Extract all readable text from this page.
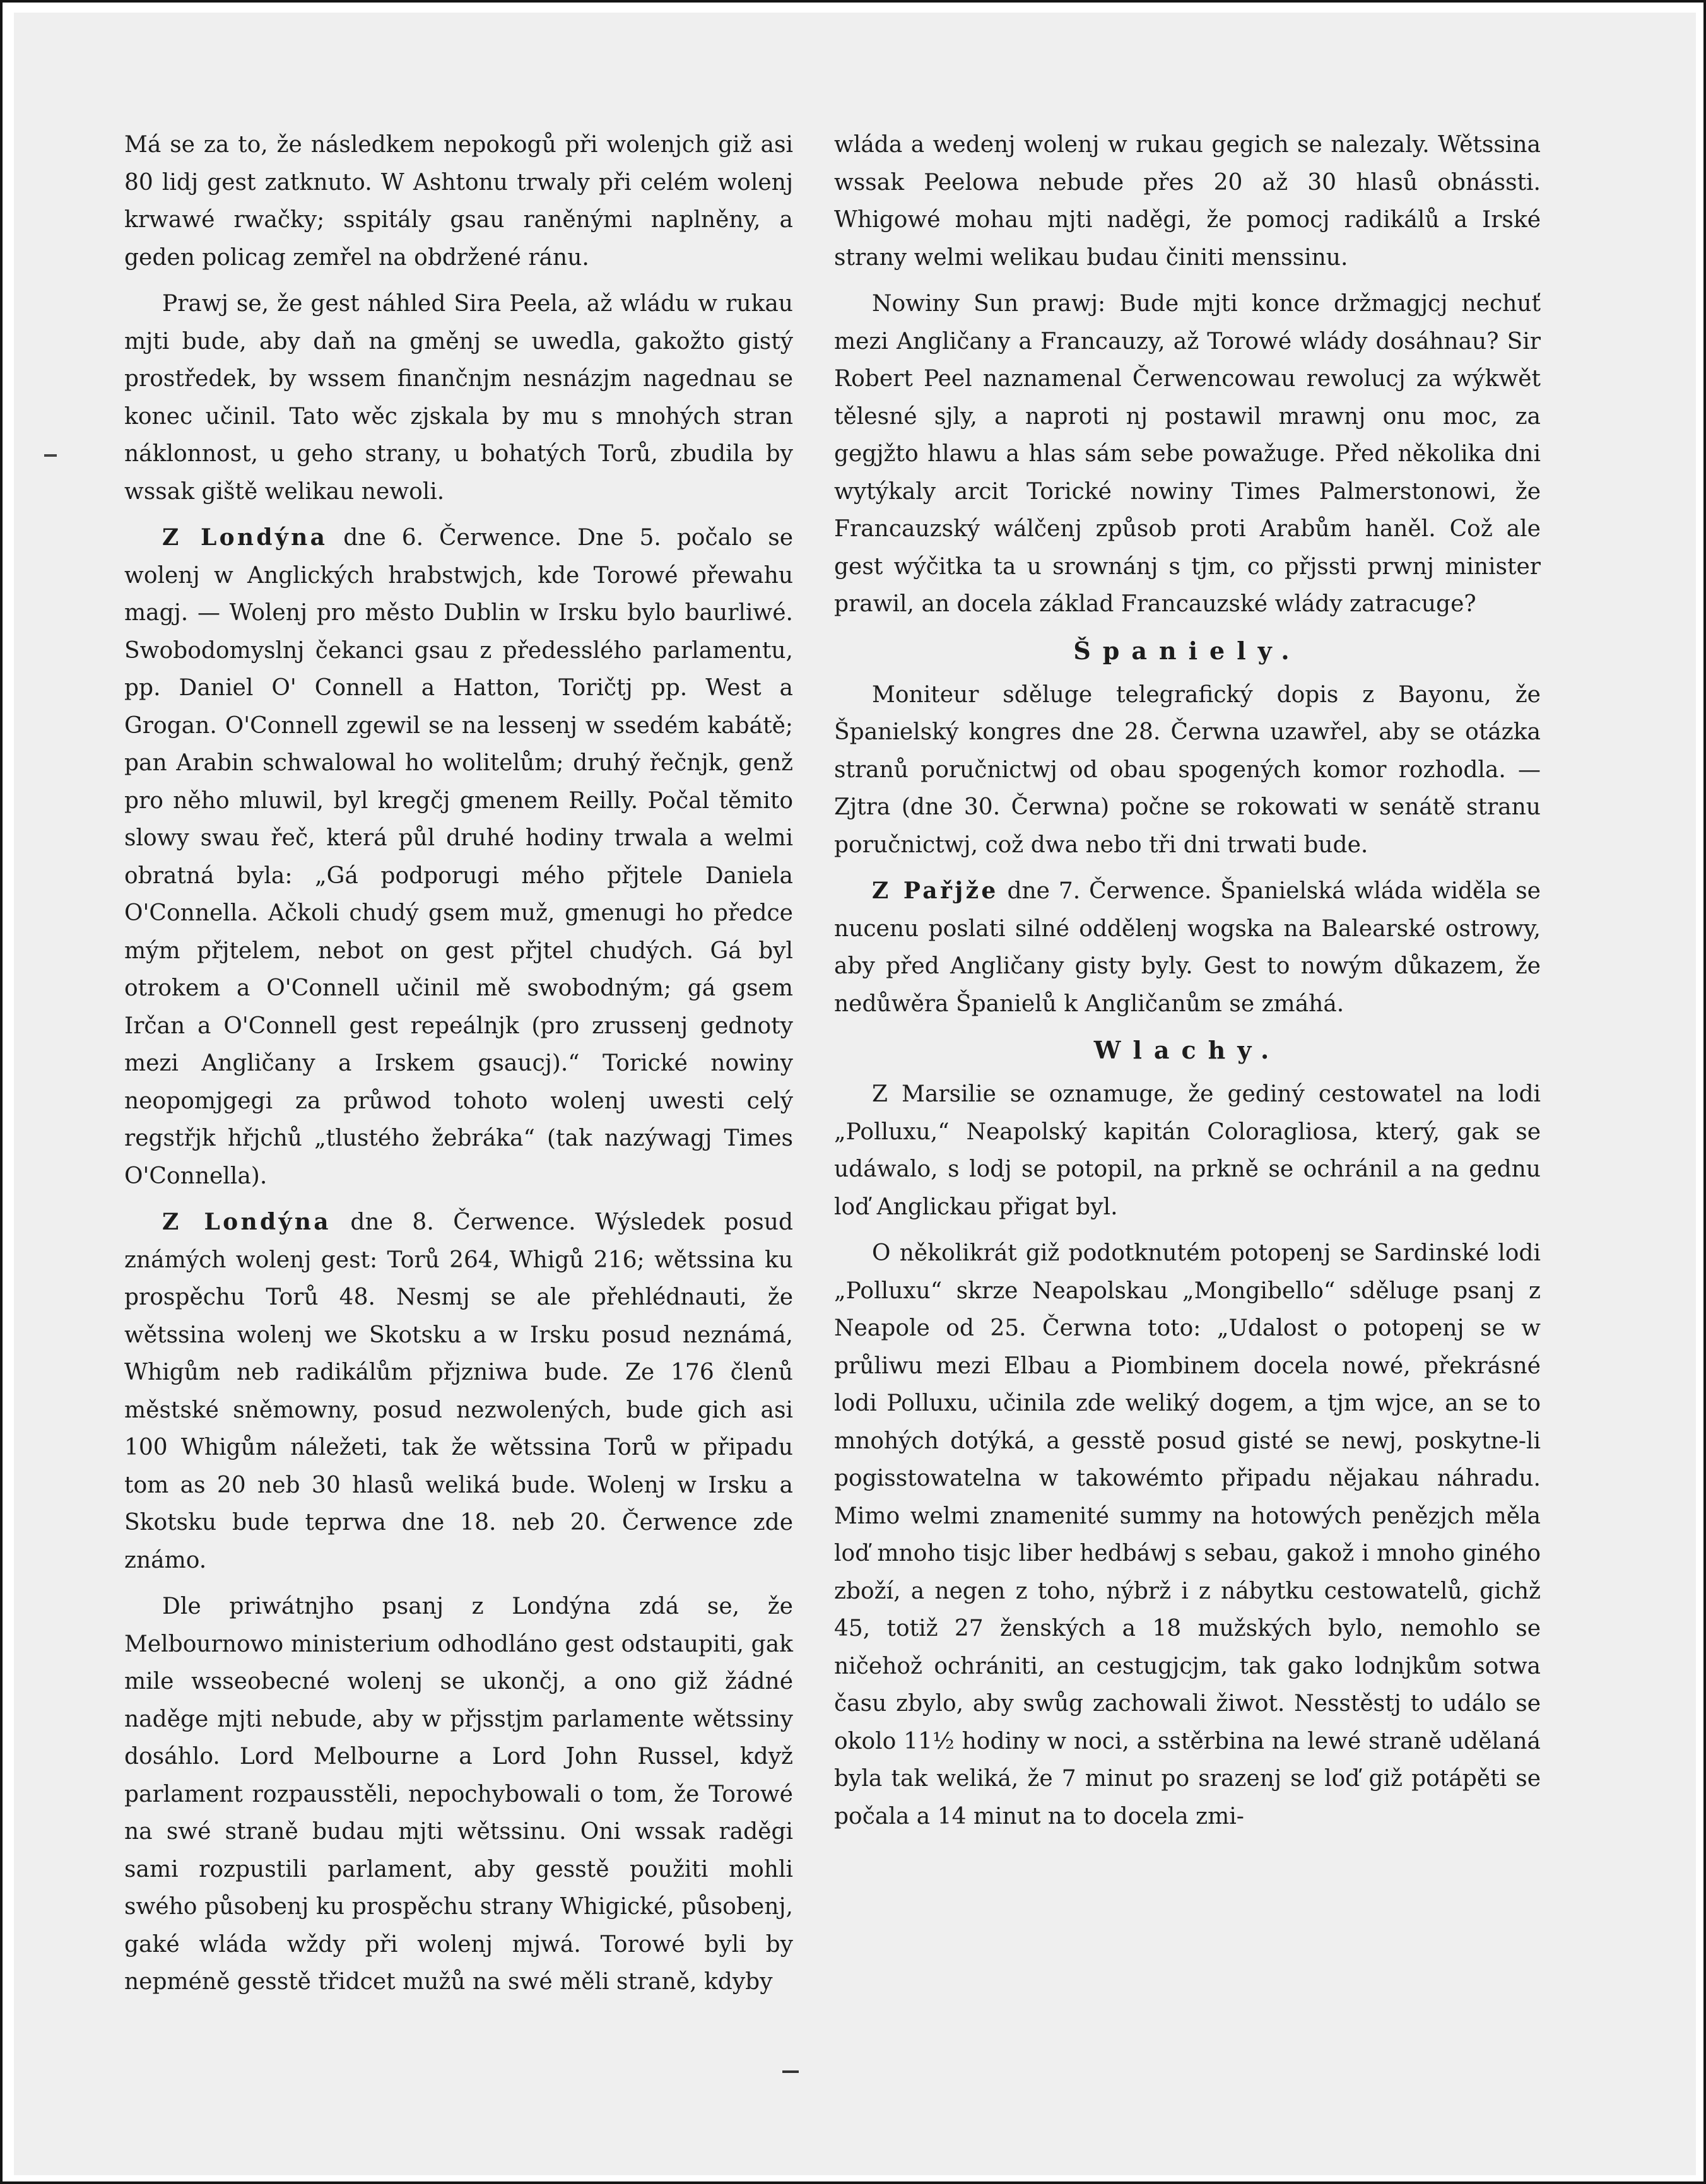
Má se za to, že následkem nepokogů při wolenjch giž asi 80 lidj gest zatknuto. W Ashtonu trwaly při celém wolenj krwawé rwačky; sspitály gsau raněnými naplněny, a geden policag zemřel na obdržené ránu.

Prawj se, že gest náhled Sira Peela, až wládu w rukau mjti bude, aby daň na gměnj se uwedla, gakožto gistý prostředek, by wssem finančnjm nesnázjm nagednau se konec učinil. Tato wěc zjskala by mu s mnohých stran náklonnost, u geho strany, u bohatých Torů, zbudila by wssak giště welikau newoli.

Z Londýna dne 6. Čerwence. Dne 5. počalo se wolenj w Anglických hrabstwjch, kde Torowé přewahu magj. — Wolenj pro město Dublin w Irsku bylo baurliwé. Swobodomyslnj čekanci gsau z předesslého parlamentu, pp. Daniel O' Connell a Hatton, Toričtj pp. West a Grogan. O'Connell zgewil se na lessenj w ssedém kabátě; pan Arabin schwalowal ho wolitelům; druhý řečnjk, genž pro něho mluwil, byl kregčj gmenem Reilly. Počal těmito slowy swau řeč, která půl druhé hodiny trwala a welmi obratná byla: „Gá podporugi mého přjtele Daniela O'Connella. Ačkoli chudý gsem muž, gmenugi ho předce mým přjtelem, nebot on gest přjtel chudých. Gá byl otrokem a O'Connell učinil mě swobodným; gá gsem Irčan a O'Connell gest repeálnjk (pro zrussenj gednoty mezi Angličany a Irskem gsaucj).“ Torické nowiny neopomjgegi za průwod tohoto wolenj uwesti celý regstřjk hřjchů „tlustého žebráka“ (tak nazýwagj Times O'Connella).

Z Londýna dne 8. Čerwence. Wýsledek posud známých wolenj gest: Torů 264, Whigů 216; wětssina ku prospěchu Torů 48. Nesmj se ale přehlédnauti, že wětssina wolenj we Skotsku a w Irsku posud neznámá, Whigům neb radikálům přjzniwa bude. Ze 176 členů městské sněmowny, posud nezwolených, bude gich asi 100 Whigům náležeti, tak že wětssina Torů w připadu tom as 20 neb 30 hlasů weliká bude. Wolenj w Irsku a Skotsku bude teprwa dne 18. neb 20. Čerwence zde známo.

Dle priwátnjho psanj z Londýna zdá se, že Melbournowo ministerium odhodláno gest odstaupiti, gak mile wsseobecné wolenj se ukončj, a ono giž žádné naděge mjti nebude, aby w přjsstjm parlamente wětssiny dosáhlo. Lord Melbourne a Lord John Russel, když parlament rozpausstěli, nepochybowali o tom, že Torowé na swé straně budau mjti wětssinu. Oni wssak raděgi sami rozpustili parlament, aby gesstě použiti mohli swého působenj ku prospěchu strany Whigické, působenj, gaké wláda wždy při wolenj mjwá. Torowé byli by nepméně gesstě třidcet mužů na swé měli straně, kdyby

wláda a wedenj wolenj w rukau gegich se nalezaly. Wětssina wssak Peelowa nebude přes 20 až 30 hlasů obnássti. Whigowé mohau mjti naděgi, že pomocj radikálů a Irské strany welmi welikau budau činiti menssinu.

Nowiny Sun prawj: Bude mjti konce držmagjcj nechuť mezi Angličany a Francauzy, až Torowé wlády dosáhnau? Sir Robert Peel naznamenal Čerwencowau rewolucj za wýkwět tělesné sjly, a naproti nj postawil mrawnj onu moc, za gegjžto hlawu a hlas sám sebe powažuge. Před několika dni wytýkaly arcit Torické nowiny Times Palmerstonowi, že Francauzský wálčenj způsob proti Arabům haněl. Což ale gest wýčitka ta u srownánj s tjm, co přjssti prwnj minister prawil, an docela základ Francauzské wlády zatracuge?

Španiely.

Moniteur sděluge telegrafický dopis z Bayonu, že Španielský kongres dne 28. Čerwna uzawřel, aby se otázka stranů poručnictwj od obau spogených komor rozhodla. — Zjtra (dne 30. Čerwna) počne se rokowati w senátě stranu poručnictwj, což dwa nebo tři dni trwati bude.

Z Pařjže dne 7. Čerwence. Španielská wláda widěla se nucenu poslati silné oddělenj wogska na Balearské ostrowy, aby před Angličany gisty byly. Gest to nowým důkazem, že nedůwěra Španielů k Angličanům se zmáhá.

Wlachy.

Z Marsilie se oznamuge, že gediný cestowatel na lodi „Polluxu,“ Neapolský kapitán Coloragliosa, který, gak se udáwalo, s lodj se potopil, na prkně se ochránil a na gednu loď Anglickau přigat byl.

O několikrát giž podotknutém potopenj se Sardinské lodi „Polluxu“ skrze Neapolskau „Mongibello“ sděluge psanj z Neapole od 25. Čerwna toto: „Udalost o potopenj se w průliwu mezi Elbau a Piombinem docela nowé, překrásné lodi Polluxu, učinila zde weliký dogem, a tjm wjce, an se to mnohých dotýká, a gesstě posud gisté se newj, poskytne-li pogisstowatelna w takowémto připadu nějakau náhradu. Mimo welmi znamenité summy na hotowých penězjch měla loď mnoho tisjc liber hedbáwj s sebau, gakož i mnoho giného zboží, a negen z toho, nýbrž i z nábytku cestowatelů, gichž 45, totiž 27 ženských a 18 mužských bylo, nemohlo se ničehož ochrániti, an cestugjcjm, tak gako lodnjkům sotwa času zbylo, aby swůg zachowali žiwot. Nesstěstj to událo se okolo 11½ hodiny w noci, a sstěrbina na lewé straně udělaná byla tak weliká, že 7 minut po srazenj se loď giž potápěti se počala a 14 minut na to docela zmi-
